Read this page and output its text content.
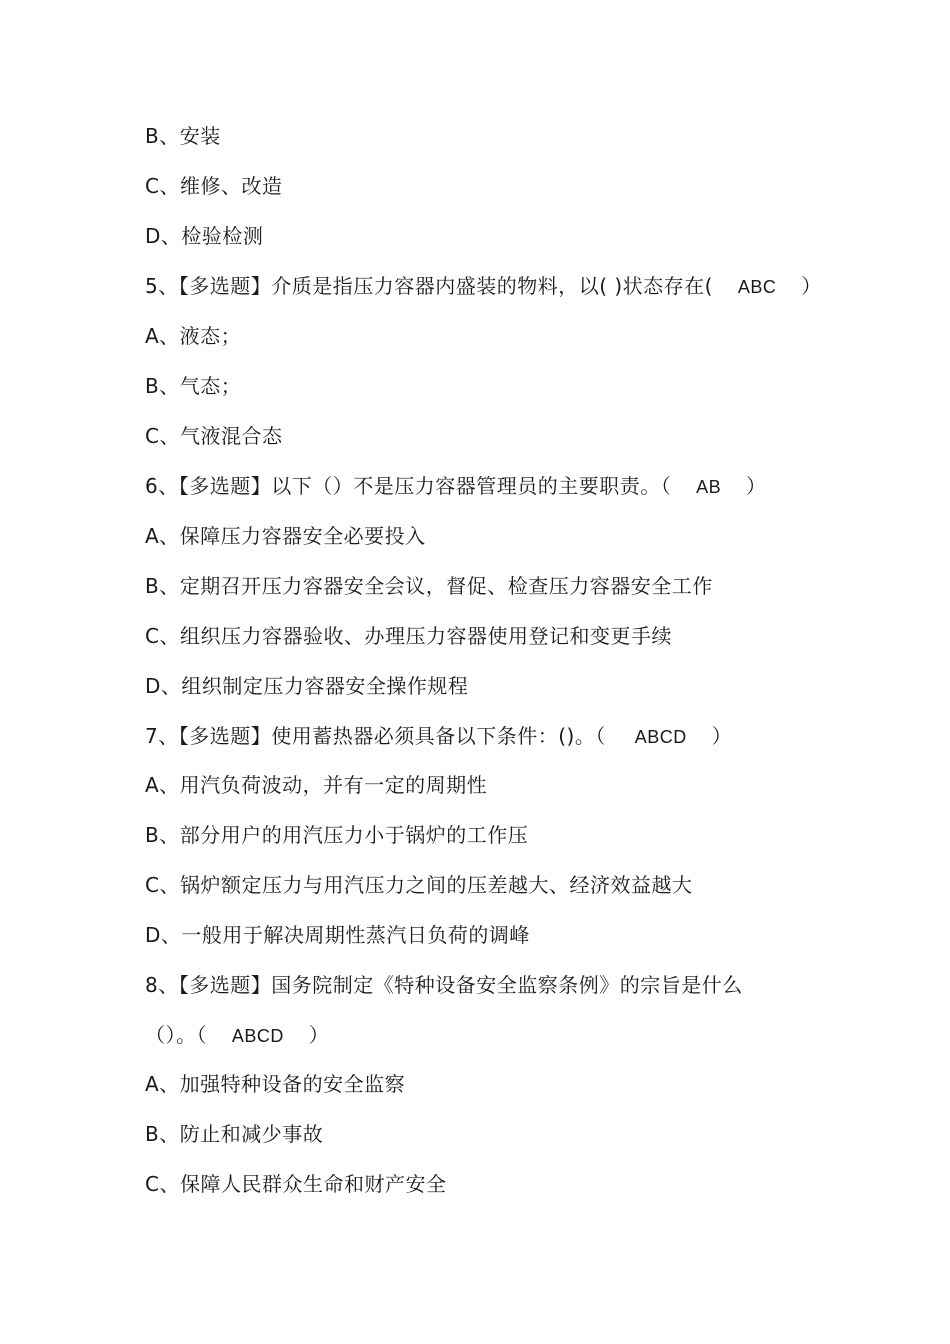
B、安装
C、维修、改造
D、检验检测
5、【多选题】介质是指压力容器内盛装的物料，以( )状态存在( ABC ）
A、液态；
B、气态；
C、气液混合态
6、【多选题】以下（）不是压力容器管理员的主要职责。（ AB ）
A、保障压力容器安全必要投入
B、定期召开压力容器安全会议，督促、检查压力容器安全工作
C、组织压力容器验收、办理压力容器使用登记和变更手续
D、组织制定压力容器安全操作规程
7、【多选题】使用蓄热器必须具备以下条件：()。（ ABCD ）
A、用汽负荷波动，并有一定的周期性
B、部分用户的用汽压力小于锅炉的工作压
C、锅炉额定压力与用汽压力之间的压差越大、经济效益越大
D、一般用于解决周期性蒸汽日负荷的调峰
8、【多选题】国务院制定《特种设备安全监察条例》的宗旨是什么
（）。（ ABCD ）
A、加强特种设备的安全监察
B、防止和减少事故
C、保障人民群众生命和财产安全
